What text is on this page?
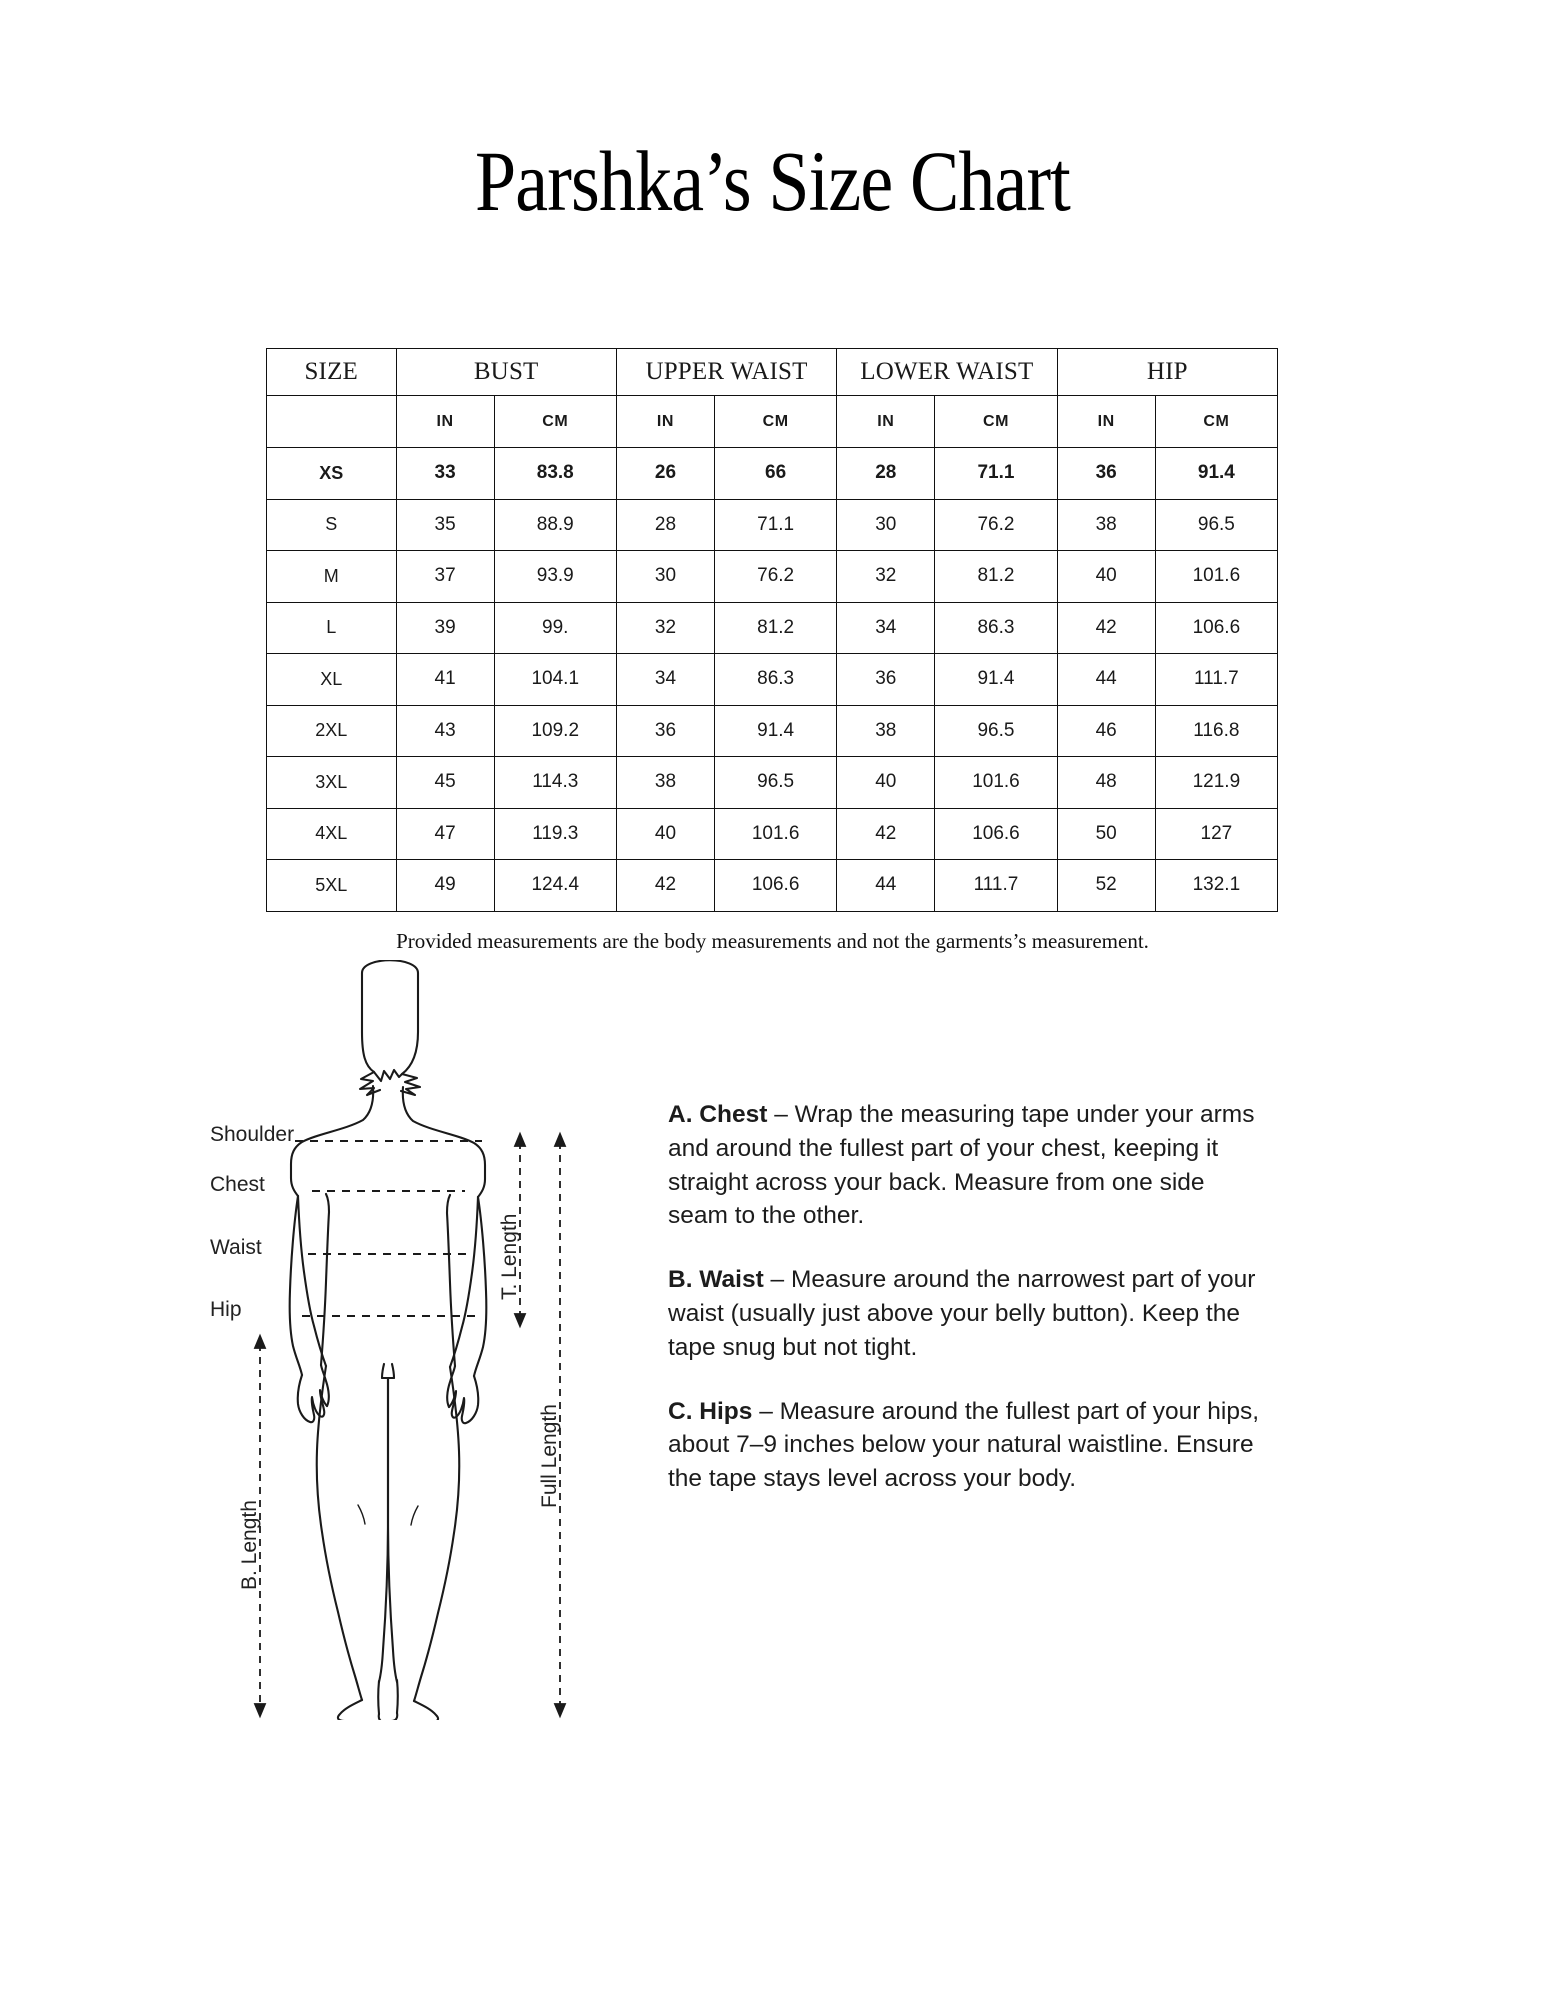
Parshka’s Size Chart
SIZE	BUST		UPPER WAIST		LOWER WAIST		HIP	
	IN	CM	IN	CM	IN	CM	IN	CM
XS	33	83.8	26	66	28	71.1	36	91.4
S	35	88.9	28	71.1	30	76.2	38	96.5
M	37	93.9	30	76.2	32	81.2	40	101.6
L	39	99.	32	81.2	34	86.3	42	106.6
XL	41	104.1	34	86.3	36	91.4	44	111.7
2XL	43	109.2	36	91.4	38	96.5	46	116.8
3XL	45	114.3	38	96.5	40	101.6	48	121.9
4XL	47	119.3	40	101.6	42	106.6	50	127
5XL	49	124.4	42	106.6	44	111.7	52	132.1
Provided measurements are the body measurements and not the garments’s measurement.
Shoulder
Chest
Waist
Hip
B. Length
T. Length
Full Length

A. Chest – Wrap the measuring tape under your arms and around the fullest part of your chest, keeping it straight across your back. Measure from one side seam to the other.

B. Waist – Measure around the narrowest part of your waist (usually just above your belly button). Keep the tape snug but not tight.

C. Hips – Measure around the fullest part of your hips, about 7–9 inches below your natural waistline. Ensure the tape stays level across your body.
